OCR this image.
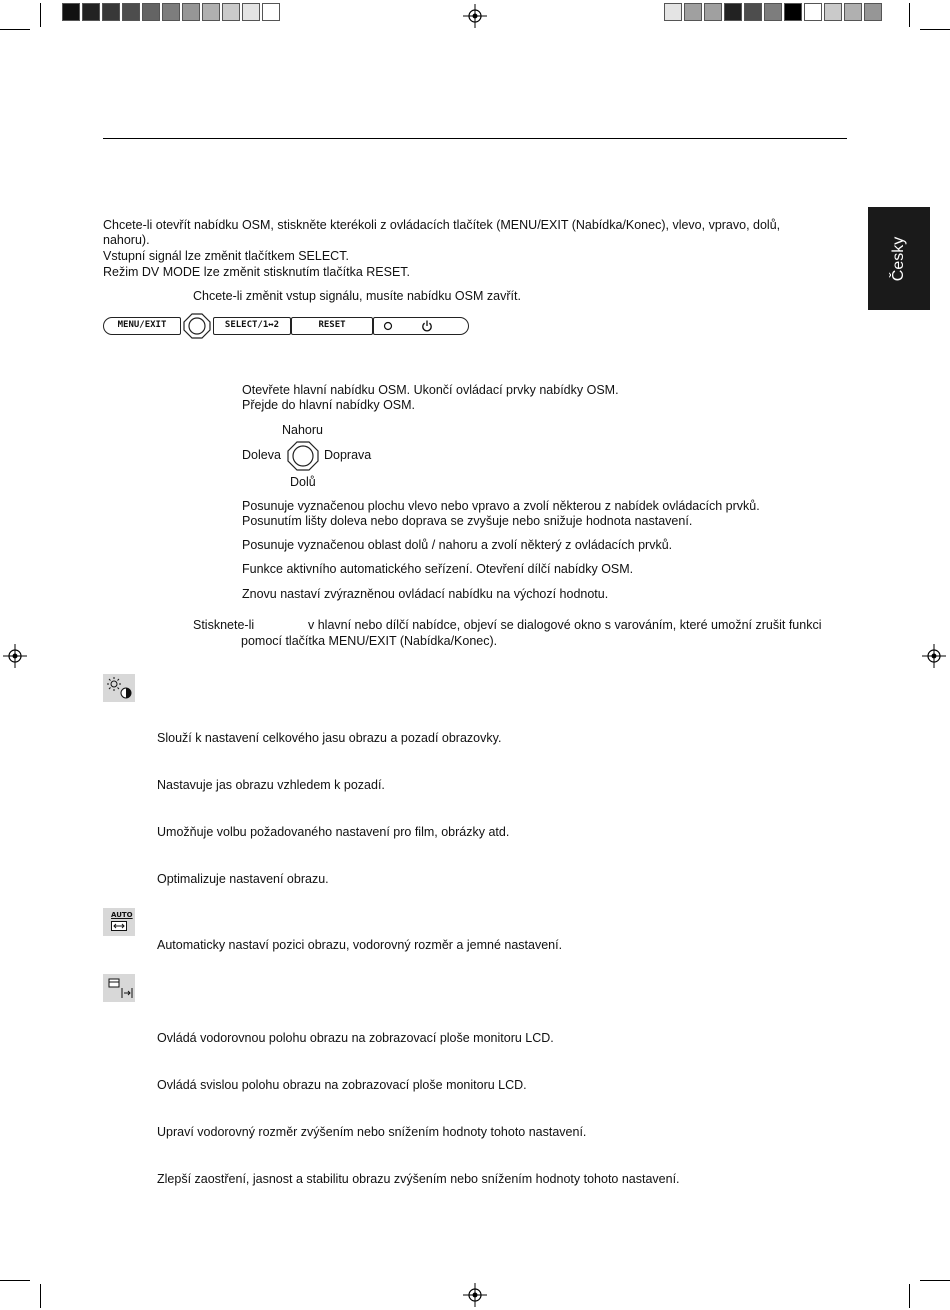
Česky
Chcete-li otevřít nabídku OSM, stiskněte kterékoli z ovládacích tlačítek (MENU/EXIT (Nabídka/Konec), vlevo, vpravo, dolů,
nahoru).
Vstupní signál lze změnit tlačítkem SELECT.
Režim DV MODE lze změnit stisknutím tlačítka RESET.
Chcete-li změnit vstup signálu, musíte nabídku OSM zavřít.
MENU/EXIT	SELECT/1↔2	RESET
Otevřete hlavní nabídku OSM. Ukončí ovládací prvky nabídky OSM.
Přejde do hlavní nabídky OSM.
Nahoru
Doleva	Doprava
Dolů
Posunuje vyznačenou plochu vlevo nebo vpravo a zvolí některou z nabídek ovládacích prvků.
Posunutím lišty doleva nebo doprava se zvyšuje nebo snižuje hodnota nastavení.
Posunuje vyznačenou oblast dolů / nahoru a zvolí některý z ovládacích prvků.
Funkce aktivního automatického seřízení. Otevření dílčí nabídky OSM.
Znovu nastaví zvýrazněnou ovládací nabídku na výchozí hodnotu.
Stisknete-li	v hlavní nebo dílčí nabídce, objeví se dialogové okno s varováním, které umožní zrušit funkci
pomocí tlačítka MENU/EXIT (Nabídka/Konec).
Slouží k nastavení celkového jasu obrazu a pozadí obrazovky.
Nastavuje jas obrazu vzhledem k pozadí.
Umožňuje volbu požadovaného nastavení pro film, obrázky atd.
Optimalizuje nastavení obrazu.
AUTO
Automaticky nastaví pozici obrazu, vodorovný rozměr a jemné nastavení.
Ovládá vodorovnou polohu obrazu na zobrazovací ploše monitoru LCD.
Ovládá svislou polohu obrazu na zobrazovací ploše monitoru LCD.
Upraví vodorovný rozměr zvýšením nebo snížením hodnoty tohoto nastavení.
Zlepší zaostření, jasnost a stabilitu obrazu zvýšením nebo snížením hodnoty tohoto nastavení.
